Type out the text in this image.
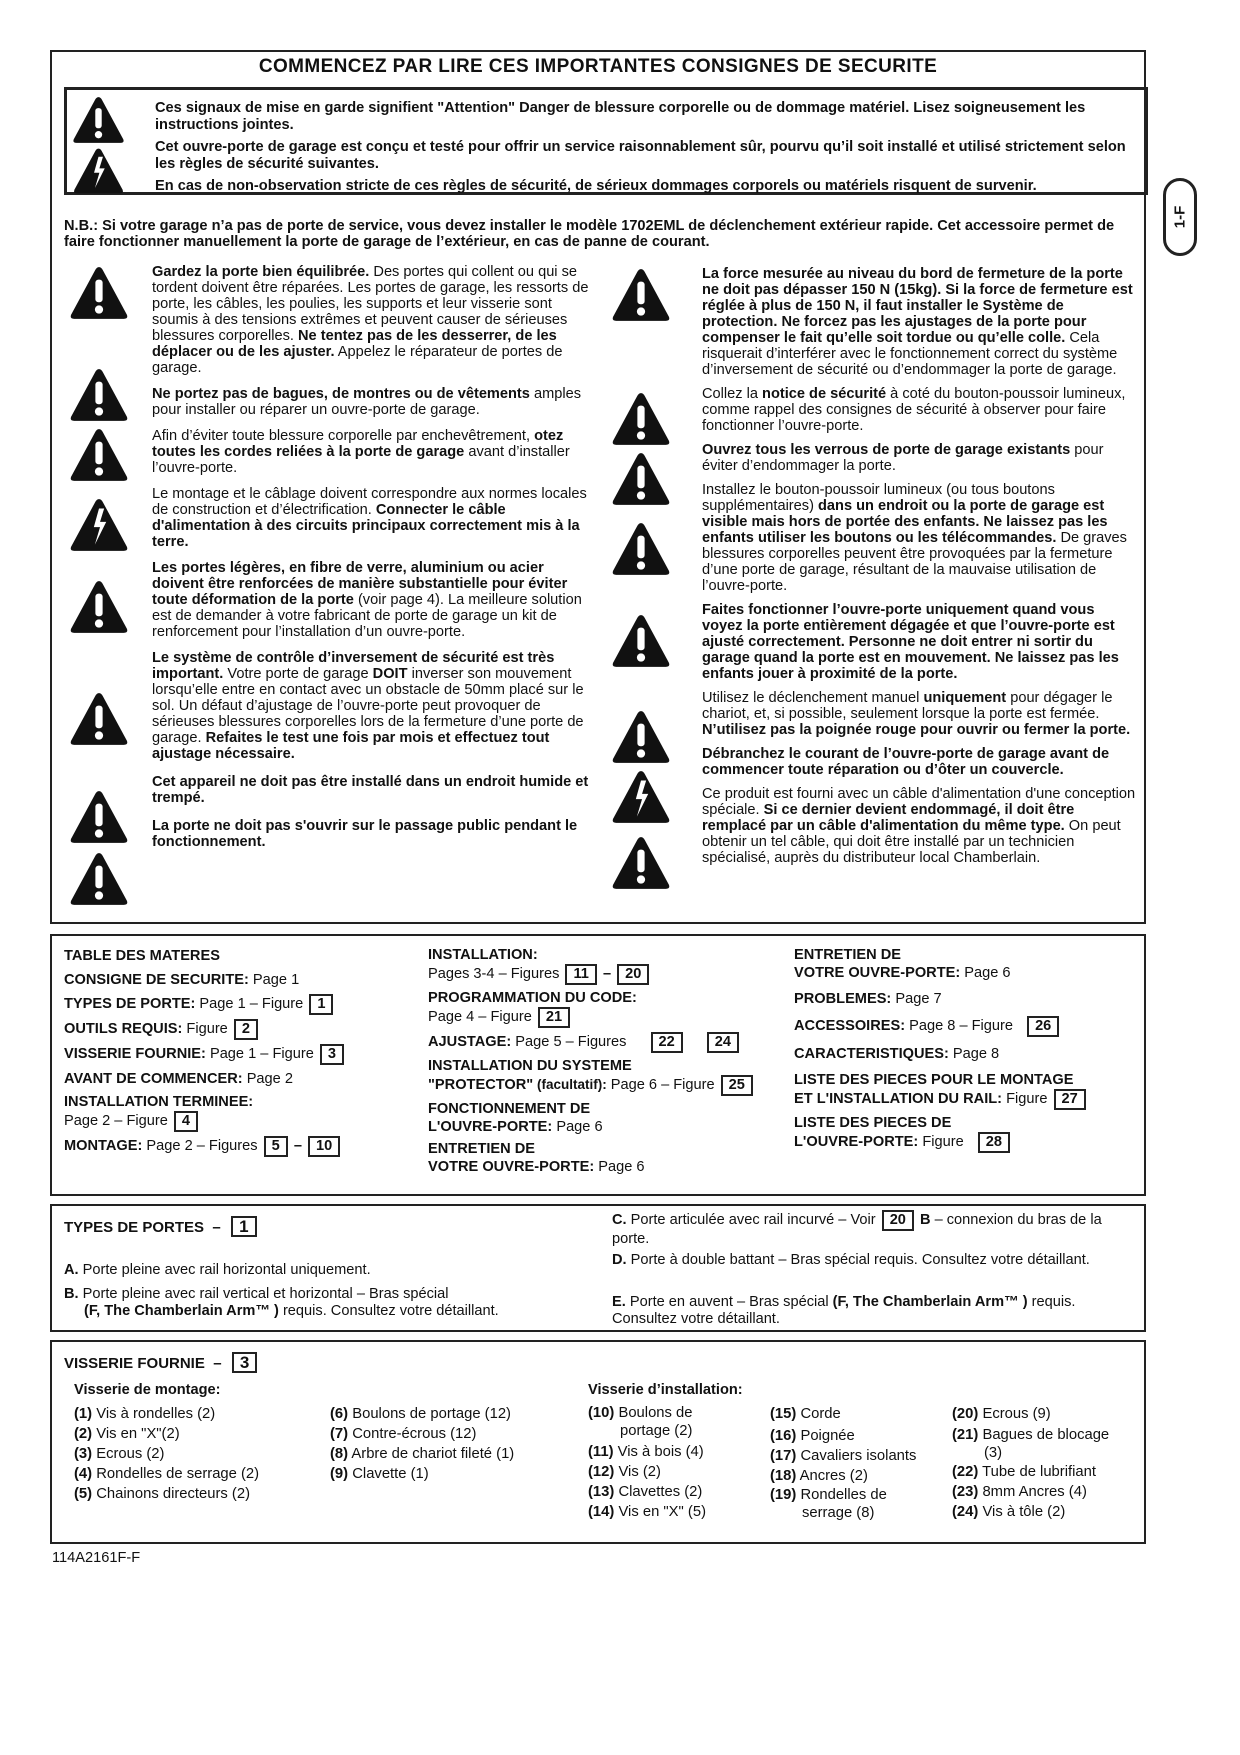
COMMENCEZ PAR LIRE CES IMPORTANTES CONSIGNES DE SECURITE

Ces signaux de mise en garde signifient "Attention" Danger de blessure corporelle ou de dommage matériel. Lisez soigneusement les instructions jointes.

Cet ouvre-porte de garage est conçu et testé pour offrir un service raisonnablement sûr, pourvu qu’il soit installé et utilisé strictement selon les règles de sécurité suivantes.

En cas de non-observation stricte de ces règles de sécurité, de sérieux dommages corporels ou matériels risquent de survenir.

N.B.: Si votre garage n’a pas de porte de service, vous devez installer le modèle 1702EML de déclenchement extérieur rapide. Cet accessoire permet de faire fonctionner manuellement la porte de garage de l’extérieur, en cas de panne de courant.

Gardez la porte bien équilibrée. Des portes qui collent ou qui se tordent doivent être réparées. Les portes de garage, les ressorts de porte, les câbles, les poulies, les supports et leur visserie sont soumis à des tensions extrêmes et peuvent causer de sérieuses blessures corporelles. Ne tentez pas de les desserrer, de les déplacer ou de les ajuster. Appelez le réparateur de portes de garage.

Ne portez pas de bagues, de montres ou de vêtements amples pour installer ou réparer un ouvre-porte de garage.

Afin d’éviter toute blessure corporelle par enchevêtrement, otez toutes les cordes reliées à la porte de garage avant d’installer l’ouvre-porte.

Le montage et le câblage doivent correspondre aux normes locales de construction et d’électrification. Connecter le câble d'alimentation à des circuits principaux correctement mis à la terre.

Les portes légères, en fibre de verre, aluminium ou acier doivent être renforcées de manière substantielle pour éviter toute déformation de la porte (voir page 4). La meilleure solution est de demander à votre fabricant de porte de garage un kit de renforcement pour l’installation d’un ouvre-porte.

Le système de contrôle d’inversement de sécurité est très important. Votre porte de garage DOIT inverser son mouvement lorsqu’elle entre en contact avec un obstacle de 50mm placé sur le sol. Un défaut d’ajustage de l’ouvre-porte peut provoquer de sérieuses blessures corporelles lors de la fermeture d’une porte de garage. Refaites le test une fois par mois et effectuez tout ajustage nécessaire.

Cet appareil ne doit pas être installé dans un endroit humide et trempé.

La porte ne doit pas s'ouvrir sur le passage public pendant le fonctionnement.

La force mesurée au niveau du bord de fermeture de la porte ne doit pas dépasser 150 N (15kg). Si la force de fermeture est réglée à plus de 150 N, il faut installer le Système de protection. Ne forcez pas les ajustages de la porte pour compenser le fait qu’elle soit tordue ou qu’elle colle. Cela risquerait d’interférer avec le fonctionnement correct du système d’inversement de sécurité ou d’endommager la porte de garage.

Collez la notice de sécurité à coté du bouton-poussoir lumineux, comme rappel des consignes de sécurité à observer pour faire fonctionner l’ouvre-porte.

Ouvrez tous les verrous de porte de garage existants pour éviter d’endommager la porte.

Installez le bouton-poussoir lumineux (ou tous boutons supplémentaires) dans un endroit ou la porte de garage est visible mais hors de portée des enfants. Ne laissez pas les enfants utiliser les boutons ou les télécommandes. De graves blessures corporelles peuvent être provoquées par la fermeture d’une porte de garage, résultant de la mauvaise utilisation de l’ouvre-porte.

Faites fonctionner l’ouvre-porte uniquement quand vous voyez la porte entièrement dégagée et que l’ouvre-porte est ajusté correctement. Personne ne doit entrer ni sortir du garage quand la porte est en mouvement. Ne laissez pas les enfants jouer à proximité de la porte.

Utilisez le déclenchement manuel uniquement pour dégager le chariot, et, si possible, seulement lorsque la porte est fermée. N’utilisez pas la poignée rouge pour ouvrir ou fermer la porte.

Débranchez le courant de l’ouvre-porte de garage avant de commencer toute réparation ou d’ôter un couvercle.

Ce produit est fourni avec un câble d'alimentation d'une conception spéciale. Si ce dernier devient endommagé, il doit être remplacé par un câble d'alimentation du même type. On peut obtenir un tel câble, qui doit être installé par un technicien spécialisé, auprès du distributeur local Chamberlain.

1-F
TABLE DES MATERES
CONSIGNE DE SECURITE: Page 1
TYPES DE PORTE: Page 1 – Figure 1
OUTILS REQUIS: Figure 2
VISSERIE FOURNIE: Page 1 – Figure 3
AVANT DE COMMENCER: Page 2
INSTALLATION TERMINEE:
Page 2 – Figure 4
MONTAGE: Page 2 – Figures 5 – 10
INSTALLATION:
Pages 3-4 – Figures 11 – 20
PROGRAMMATION DU CODE:
Page 4 – Figure 21
AJUSTAGE: Page 5 – Figures 22	24
INSTALLATION DU SYSTEME
"PROTECTOR" (facultatif): Page 6 – Figure 25
FONCTIONNEMENT DE
L'OUVRE-PORTE: Page 6
ENTRETIEN DE
VOTRE OUVRE-PORTE: Page 6
ENTRETIEN DE
VOTRE OUVRE-PORTE: Page 6
PROBLEMES: Page 7
ACCESSOIRES: Page 8 – Figure 26
CARACTERISTIQUES: Page 8
LISTE DES PIECES POUR LE MONTAGE
ET L'INSTALLATION DU RAIL: Figure 27
LISTE DES PIECES DE
L'OUVRE-PORTE: Figure 28
TYPES DE PORTES – 1
A. Porte pleine avec rail horizontal uniquement.
B. Porte pleine avec rail vertical et horizontal – Bras spécial
(F, The Chamberlain Arm™ ) requis. Consultez votre détaillant.
C. Porte articulée avec rail incurvé – Voir 20 B – connexion du bras de la porte.
D. Porte à double battant – Bras spécial requis. Consultez votre détaillant.
E. Porte en auvent – Bras spécial (F, The Chamberlain Arm™ ) requis. Consultez votre détaillant.
VISSERIE FOURNIE – 3
Visserie de montage:	Visserie d’installation:
(1) Vis à rondelles (2)
(2) Vis en "X"(2)
(3) Ecrous (2)
(4) Rondelles de serrage (2)
(5) Chainons directeurs (2)
(6) Boulons de portage (12)
(7) Contre-écrous (12)
(8) Arbre de chariot fileté (1)
(9) Clavette (1)
(10) Boulons de
portage (2)
(11) Vis à bois (4)
(12) Vis (2)
(13) Clavettes (2)
(14) Vis en "X" (5)
(15) Corde
(16) Poignée
(17) Cavaliers isolants
(18) Ancres (2)
(19) Rondelles de
serrage (8)
(20) Ecrous (9)
(21) Bagues de blocage
(3)
(22) Tube de lubrifiant
(23) 8mm Ancres (4)
(24) Vis à tôle (2)
114A2161F-F
